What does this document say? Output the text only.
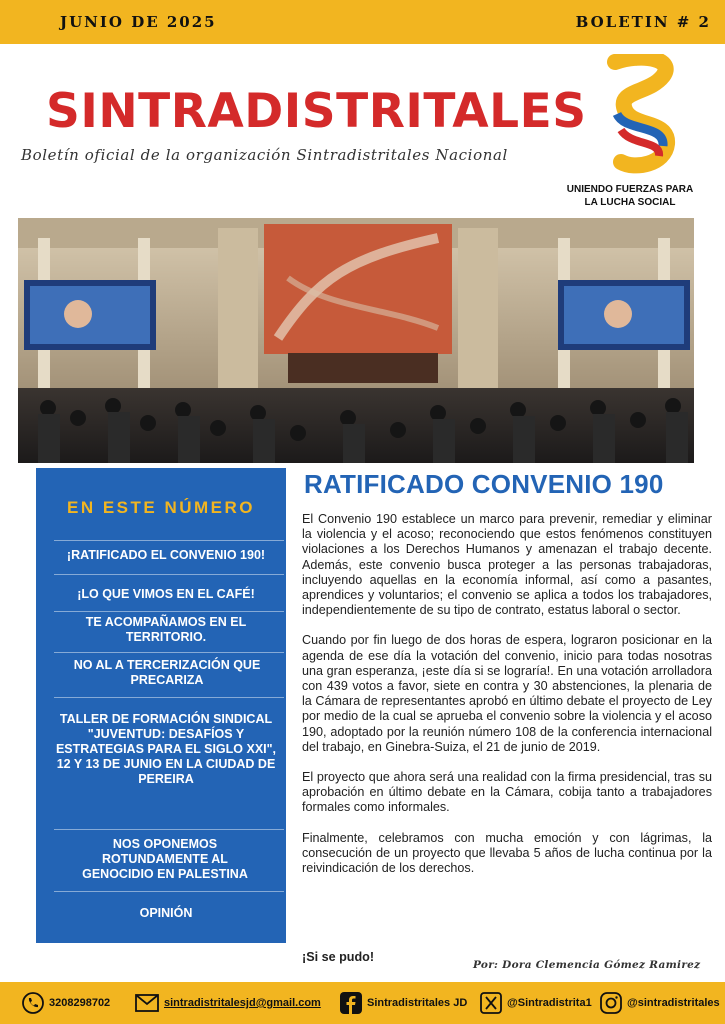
JUNIO DE 2025	BOLETIN # 2
SINTRADISTRITALES
Boletín oficial de la organización Sintradistritales Nacional
UNIENDO FUERZAS PARA
LA LUCHA SOCIAL
EN ESTE NÚMERO
¡RATIFICADO EL CONVENIO 190!
¡LO QUE VIMOS EN EL CAFÉ!
TE ACOMPAÑAMOS EN EL TERRITORIO.
NO AL A TERCERIZACIÓN QUE PRECARIZA
TALLER DE FORMACIÓN SINDICAL "JUVENTUD: DESAFÍOS Y ESTRATEGIAS PARA EL SIGLO XXI", 12 Y 13 DE JUNIO EN LA CIUDAD DE PEREIRA
NOS OPONEMOS ROTUNDAMENTE AL GENOCIDIO EN PALESTINA
OPINIÓN
RATIFICADO CONVENIO 190

El Convenio 190 establece un marco para prevenir, remediar y eliminar la violencia y el acoso; reconociendo que estos fenómenos constituyen violaciones a los Derechos Humanos y amenazan el trabajo decente. Además, este convenio busca proteger a las personas trabajadoras, incluyendo aquellas en la economía informal, así como a pasantes, aprendices y voluntarios; el convenio se aplica a todos los trabajadores, independientemente de su tipo de contrato, estatus laboral o sector.

Cuando por fin luego de dos horas de espera, lograron posicionar en la agenda de ese día la votación del convenio, inicio para todas nosotras una gran esperanza, ¡este día si se lograría!. En una votación arrolladora con 439 votos a favor, siete en contra y 30 abstenciones, la plenaria de la Cámara de representantes aprobó en último debate el proyecto de Ley por medio de la cual se aprueba el convenio sobre la violencia y el acoso 190, adoptado por la reunión número 108 de la conferencia internacional del trabajo, en Ginebra-Suiza, el 21 de junio de 2019.

El proyecto que ahora será una realidad con la firma presidencial, tras su aprobación en último debate en la Cámara, cobija tanto a trabajadores formales como informales.

Finalmente, celebramos con mucha emoción y con lágrimas, la consecución de un proyecto que llevaba 5 años de lucha continua por la reivindicación de los derechos.

¡Si se pudo!
Por: Dora Clemencia Gómez Ramirez
3208298702	sintradistritalesjd@gmail.com	Sintradistritales JD	@Sintradistrita1	@sintradistritales
